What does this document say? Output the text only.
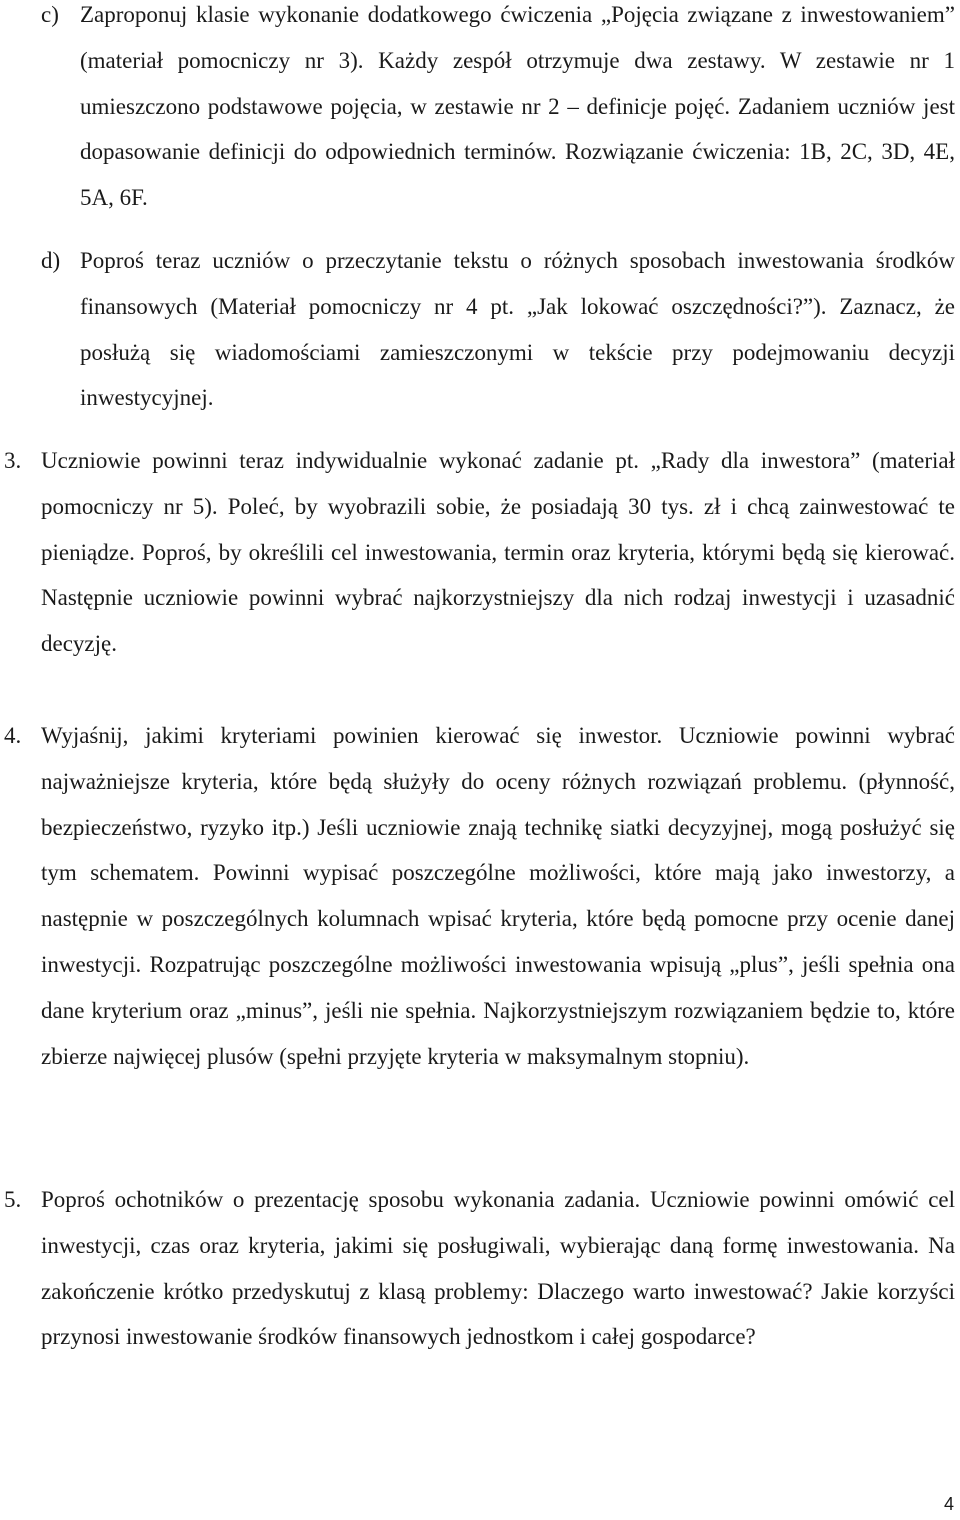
c) Zaproponuj klasie wykonanie dodatkowego ćwiczenia „Pojęcia związane z inwestowaniem” (materiał pomocniczy nr 3). Każdy zespół otrzymuje dwa zestawy. W zestawie nr 1 umieszczono podstawowe pojęcia, w zestawie nr 2 – definicje pojęć. Zadaniem uczniów jest dopasowanie definicji do odpowiednich terminów. Rozwiązanie ćwiczenia: 1B, 2C, 3D, 4E, 5A, 6F.
d) Poproś teraz uczniów o przeczytanie tekstu o różnych sposobach inwestowania środków finansowych (Materiał pomocniczy nr 4 pt. „Jak lokować oszczędności?”). Zaznacz, że posłużą się wiadomościami zamieszczonymi w tekście przy podejmowaniu decyzji inwestycyjnej.
3. Uczniowie powinni teraz indywidualnie wykonać zadanie pt. „Rady dla inwestora” (materiał pomocniczy nr 5). Poleć, by wyobrazili sobie, że posiadają 30 tys. zł i chcą zainwestować te pieniądze. Poproś, by określili cel inwestowania, termin oraz kryteria, którymi będą się kierować. Następnie uczniowie powinni wybrać najkorzystniejszy dla nich rodzaj inwestycji i uzasadnić decyzję.
4. Wyjaśnij, jakimi kryteriami powinien kierować się inwestor. Uczniowie powinni wybrać najważniejsze kryteria, które będą służyły do oceny różnych rozwiązań problemu. (płynność, bezpieczeństwo, ryzyko itp.) Jeśli uczniowie znają technikę siatki decyzyjnej, mogą posłużyć się tym schematem. Powinni wypisać poszczególne możliwości, które mają jako inwestorzy, a następnie w poszczególnych kolumnach wpisać kryteria, które będą pomocne przy ocenie danej inwestycji. Rozpatrując poszczególne możliwości inwestowania wpisują „plus”, jeśli spełnia ona dane kryterium oraz „minus”, jeśli nie spełnia. Najkorzystniejszym rozwiązaniem będzie to, które zbierze najwięcej plusów (spełni przyjęte kryteria w maksymalnym stopniu).
5. Poproś ochotników o prezentację sposobu wykonania zadania. Uczniowie powinni omówić cel inwestycji, czas oraz kryteria, jakimi się posługiwali, wybierając daną formę inwestowania. Na zakończenie krótko przedyskutuj z klasą problemy: Dlaczego warto inwestować? Jakie korzyści przynosi inwestowanie środków finansowych jednostkom i całej gospodarce?
4
